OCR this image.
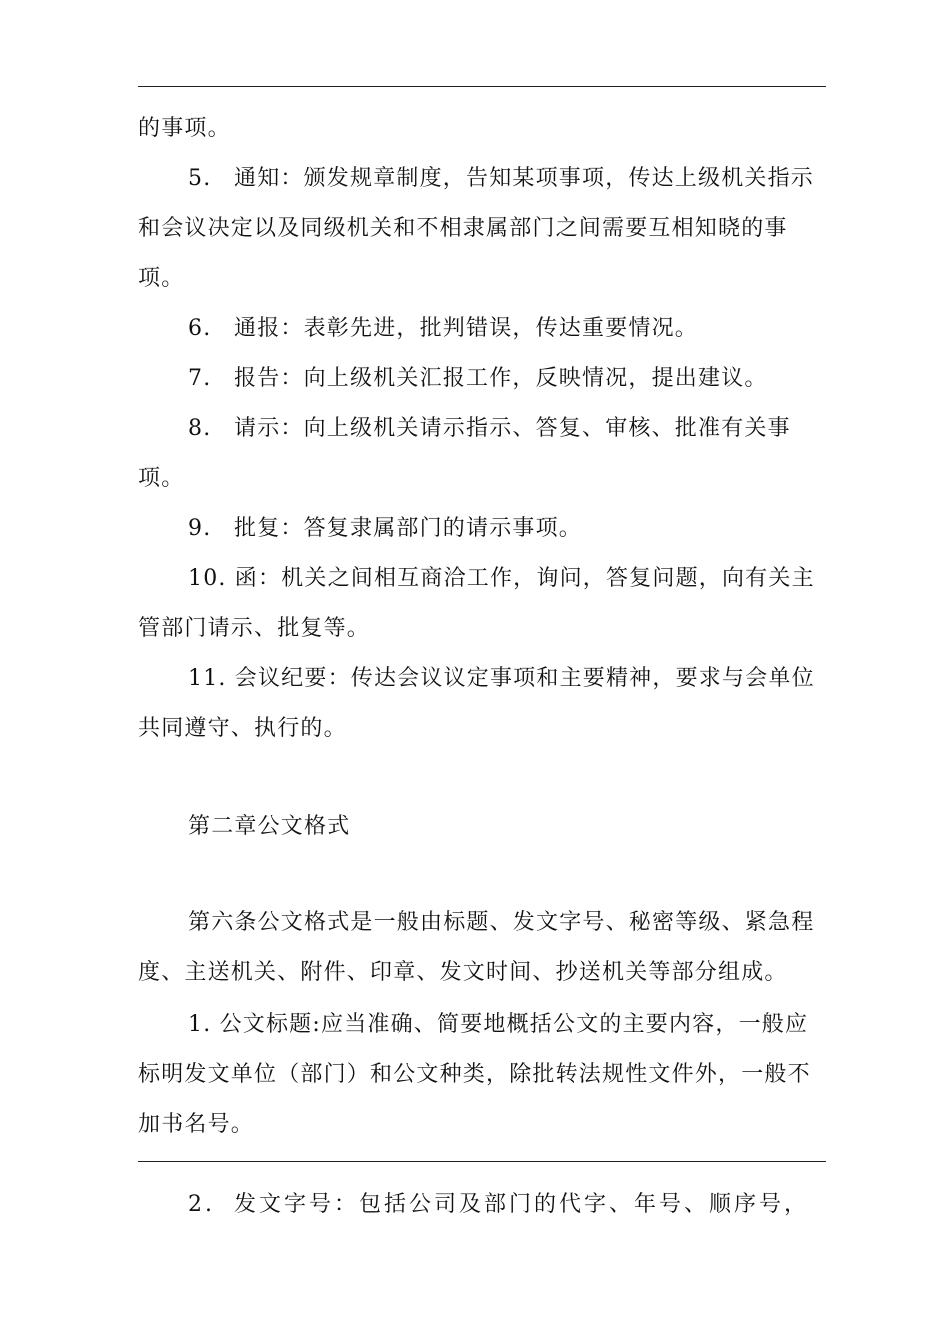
的事项。
5. 通知：颁发规章制度，告知某项事项，传达上级机关指示
和会议决定以及同级机关和不相隶属部门之间需要互相知晓的事
项。
6. 通报：表彰先进，批判错误，传达重要情况。
7. 报告：向上级机关汇报工作，反映情况，提出建议。
8. 请示：向上级机关请示指示、答复、审核、批准有关事
项。
9. 批复：答复隶属部门的请示事项。
10. 函：机关之间相互商洽工作，询问，答复问题，向有关主
管部门请示、批复等。
11. 会议纪要：传达会议议定事项和主要精神，要求与会单位
共同遵守、执行的。
第二章公文格式
第六条公文格式是一般由标题、发文字号、秘密等级、紧急程
度、主送机关、附件、印章、发文时间、抄送机关等部分组成。
1. 公文标题:应当准确、简要地概括公文的主要内容，一般应
标明发文单位（部门）和公文种类，除批转法规性文件外，一般不
加书名号。
2. 发文字号：包括公司及部门的代字、年号、顺序号，
